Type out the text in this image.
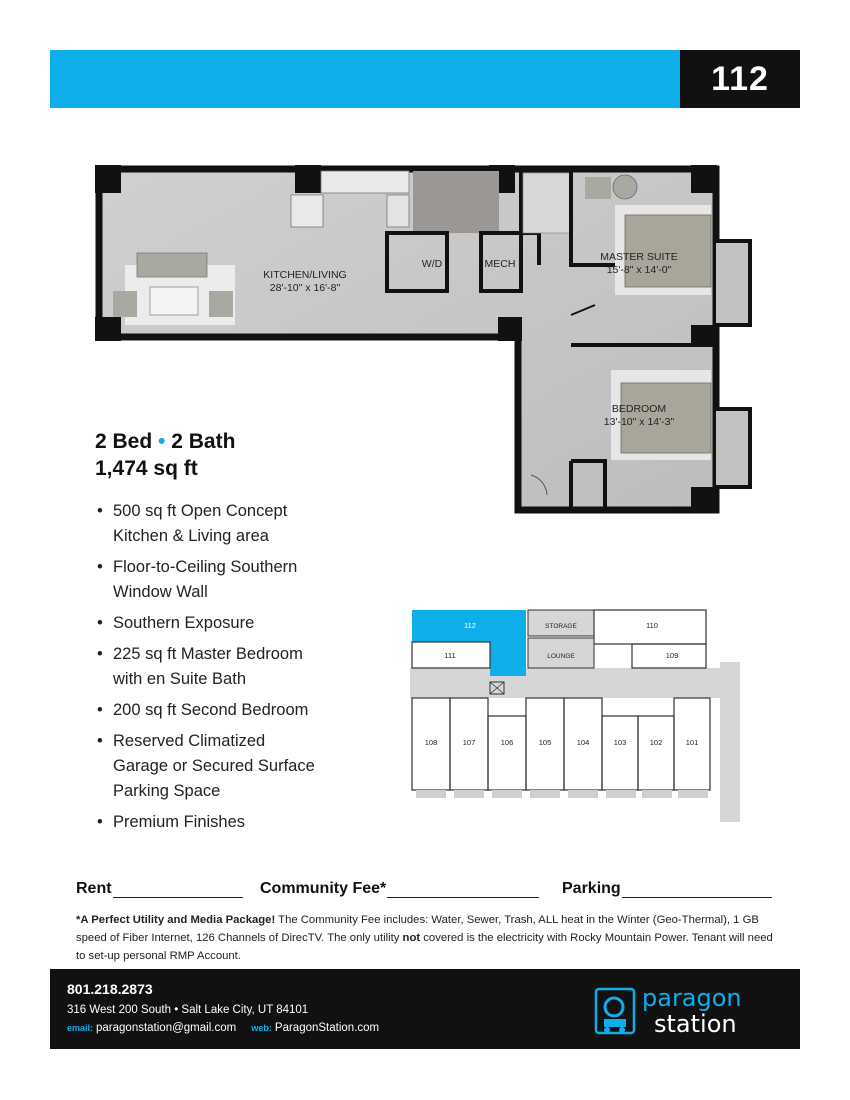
112
KITCHEN/LIVING
28'-10" x 16'-8"
W/D	MECH
MASTER SUITE
15'-8" x 14'-0"
BEDROOM
13'-10" x 14'-3"
2 Bed • 2 Bath
1,474 sq ft
• 500 sq ft Open Concept
Kitchen & Living area
• Floor-to-Ceiling Southern
Window Wall
• Southern Exposure
• 225 sq ft Master Bedroom
with en Suite Bath
• 200 sq ft Second Bedroom
• Reserved Climatized
Garage or Secured Surface
Parking Space
• Premium Finishes
112	STORAGE	110
111	LOUNGE	109
108	107	106	105	104	103	102	101
Rent	Community Fee*	Parking

*A Perfect Utility and Media Package! The Community Fee includes: Water, Sewer, Trash, ALL heat in the Winter (Geo-Thermal), 1 GB speed of Fiber Internet, 126 Channels of DirecTV. The only utility not covered is the electricity with Rocky Mountain Power. Tenant will need to set-up personal RMP Account.

801.218.2873
316 West 200 South • Salt Lake City, UT 84101
email: paragonstation@gmail.com web: ParagonStation.com
paragon
station
